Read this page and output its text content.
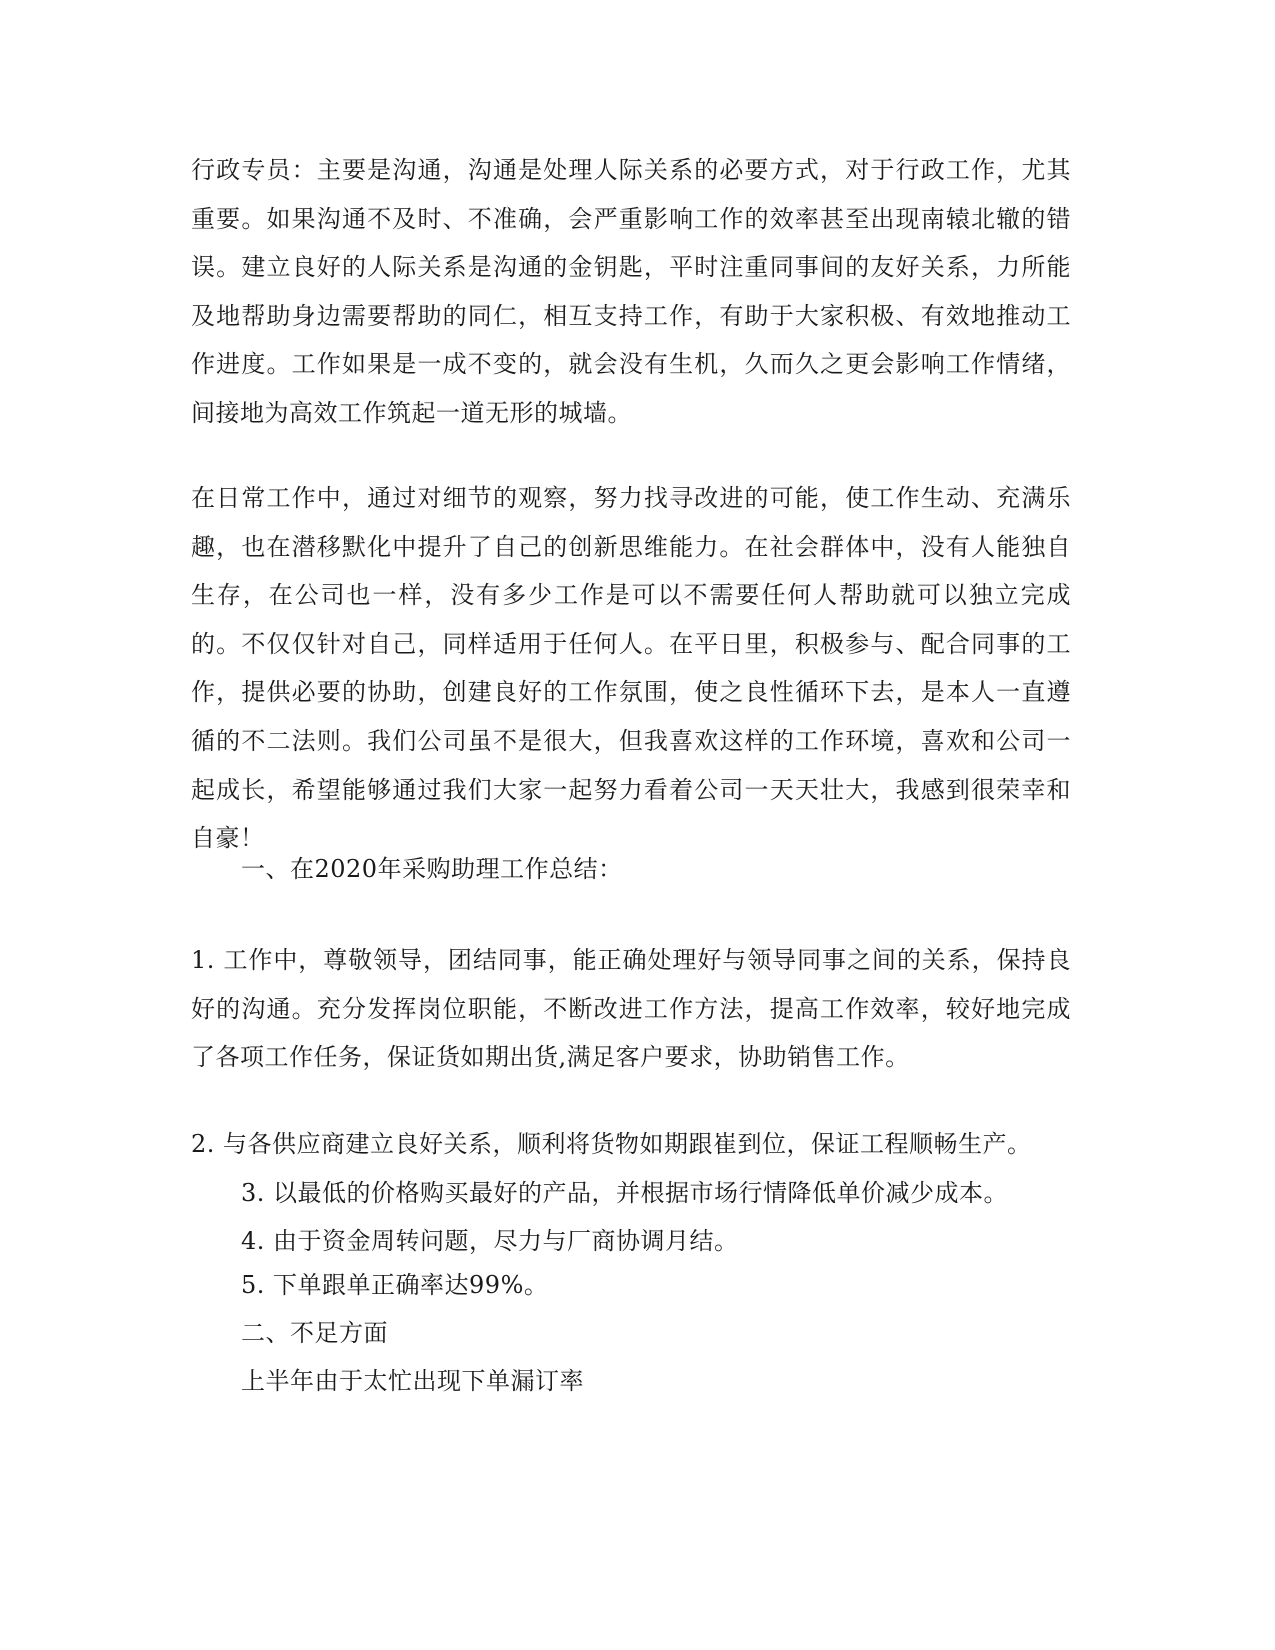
行政专员：主要是沟通，沟通是处理人际关系的必要方式，对于行政工作，尤其重要。如果沟通不及时、不准确，会严重影响工作的效率甚至出现南辕北辙的错误。建立良好的人际关系是沟通的金钥匙，平时注重同事间的友好关系，力所能及地帮助身边需要帮助的同仁，相互支持工作，有助于大家积极、有效地推动工作进度。工作如果是一成不变的，就会没有生机，久而久之更会影响工作情绪，间接地为高效工作筑起一道无形的城墙。

在日常工作中，通过对细节的观察，努力找寻改进的可能，使工作生动、充满乐趣，也在潜移默化中提升了自己的创新思维能力。在社会群体中，没有人能独自生存，在公司也一样，没有多少工作是可以不需要任何人帮助就可以独立完成的。不仅仅针对自己，同样适用于任何人。在平日里，积极参与、配合同事的工作，提供必要的协助，创建良好的工作氛围，使之良性循环下去，是本人一直遵循的不二法则。我们公司虽不是很大，但我喜欢这样的工作环境，喜欢和公司一起成长，希望能够通过我们大家一起努力看着公司一天天壮大，我感到很荣幸和自豪！

一、在2020年采购助理工作总结：

1. 工作中，尊敬领导，团结同事，能正确处理好与领导同事之间的关系，保持良好的沟通。充分发挥岗位职能，不断改进工作方法，提高工作效率，较好地完成了各项工作任务，保证货如期出货,满足客户要求，协助销售工作。

2. 与各供应商建立良好关系，顺利将货物如期跟崔到位，保证工程顺畅生产。

3. 以最低的价格购买最好的产品，并根据市场行情降低单价减少成本。

4. 由于资金周转问题，尽力与厂商协调月结。

5. 下单跟单正确率达99%。

二、不足方面

上半年由于太忙出现下单漏订率
